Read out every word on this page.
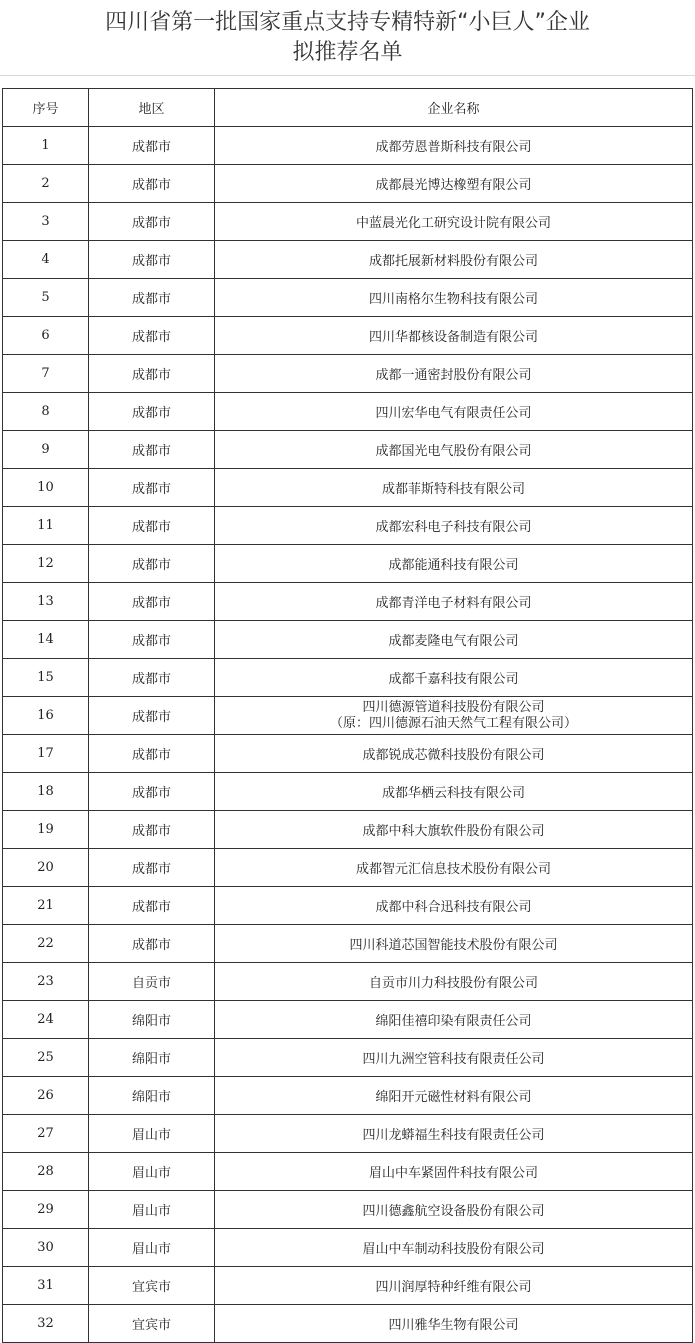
四川省第一批国家重点支持专精特新“小巨人”企业
拟推荐名单
序号	地区	企业名称
1	成都市	成都劳恩普斯科技有限公司
2	成都市	成都晨光博达橡塑有限公司
3	成都市	中蓝晨光化工研究设计院有限公司
4	成都市	成都托展新材料股份有限公司
5	成都市	四川南格尔生物科技有限公司
6	成都市	四川华都核设备制造有限公司
7	成都市	成都一通密封股份有限公司
8	成都市	四川宏华电气有限责任公司
9	成都市	成都国光电气股份有限公司
10	成都市	成都菲斯特科技有限公司
11	成都市	成都宏科电子科技有限公司
12	成都市	成都能通科技有限公司
13	成都市	成都青洋电子材料有限公司
14	成都市	成都麦隆电气有限公司
15	成都市	成都千嘉科技有限公司
16	成都市	四川德源管道科技股份有限公司
（原：四川德源石油天然气工程有限公司）

17	成都市	成都锐成芯微科技股份有限公司
18	成都市	成都华栖云科技有限公司
19	成都市	成都中科大旗软件股份有限公司
20	成都市	成都智元汇信息技术股份有限公司
21	成都市	成都中科合迅科技有限公司
22	成都市	四川科道芯国智能技术股份有限公司
23	自贡市	自贡市川力科技股份有限公司
24	绵阳市	绵阳佳禧印染有限责任公司
25	绵阳市	四川九洲空管科技有限责任公司
26	绵阳市	绵阳开元磁性材料有限公司
27	眉山市	四川龙蟒福生科技有限责任公司
28	眉山市	眉山中车紧固件科技有限公司
29	眉山市	四川德鑫航空设备股份有限公司
30	眉山市	眉山中车制动科技股份有限公司
31	宜宾市	四川润厚特种纤维有限公司
32	宜宾市	四川雅华生物有限公司
